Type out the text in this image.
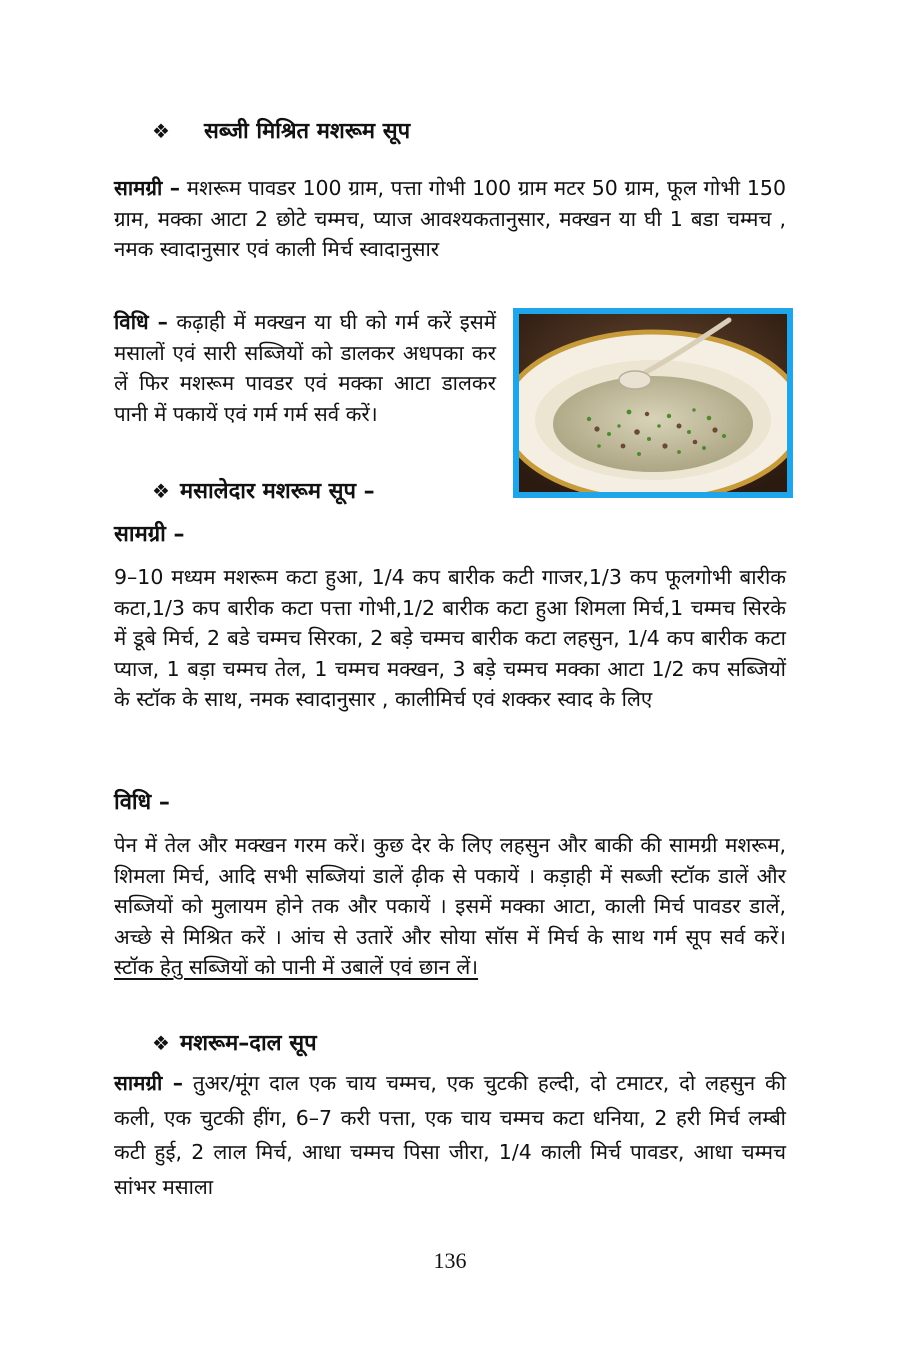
❖ सब्जी मिश्रित मशरूम सूप
सामग्री – मशरूम पावडर 100 ग्राम, पत्ता गोभी 100 ग्राम मटर 50 ग्राम, फूल गोभी 150 ग्राम, मक्का आटा 2 छोटे चम्मच, प्याज आवश्यकतानुसार, मक्खन या घी 1 बडा चम्मच , नमक स्वादानुसार एवं काली मिर्च स्वादानुसार
विधि – कढ़ाही में मक्खन या घी को गर्म करें इसमें मसालों एवं सारी सब्जियों को डालकर अधपका कर लें फिर मशरूम पावडर एवं मक्का आटा डालकर पानी में पकायें एवं गर्म गर्म सर्व करें।
❖ मसालेदार मशरूम सूप –
सामग्री –
9–10 मध्यम मशरूम कटा हुआ, 1/4 कप बारीक कटी गाजर,1/3 कप फूलगोभी बारीक कटा,1/3 कप बारीक कटा पत्ता गोभी,1/2 बारीक कटा हुआ शिमला मिर्च,1 चम्मच सिरके में डूबे मिर्च, 2 बडे चम्मच सिरका, 2 बड़े चम्मच बारीक कटा लहसुन, 1/4 कप बारीक कटा प्याज, 1 बड़ा चम्मच तेल, 1 चम्मच मक्खन, 3 बड़े चम्मच मक्का आटा 1/2 कप सब्जियों के स्टॉक के साथ, नमक स्वादानुसार , कालीमिर्च एवं शक्कर स्वाद के लिए
विधि –
पेन में तेल और मक्खन गरम करें। कुछ देर के लिए लहसुन और बाकी की सामग्री मशरूम, शिमला मिर्च, आदि सभी सब्जियां डालें ढ़ीक से पकायें । कड़ाही में सब्जी स्टॉक डालें और सब्जियों को मुलायम होने तक और पकायें । इसमें मक्का आटा, काली मिर्च पावडर डालें, अच्छे से मिश्रित करें । आंच से उतारें और सोया सॉस में मिर्च के साथ गर्म सूप सर्व करें। स्टॉक हेतु सब्जियों को पानी में उबालें एवं छान लें।
❖ मशरूम–दाल सूप
सामग्री – तुअर/मूंग दाल एक चाय चम्मच, एक चुटकी हल्दी, दो टमाटर, दो लहसुन की कली, एक चुटकी हींग, 6–7 करी पत्ता, एक चाय चम्मच कटा धनिया, 2 हरी मिर्च लम्बी कटी हुई, 2 लाल मिर्च, आधा चम्मच पिसा जीरा, 1/4 काली मिर्च पावडर, आधा चम्मच सांभर मसाला
136
